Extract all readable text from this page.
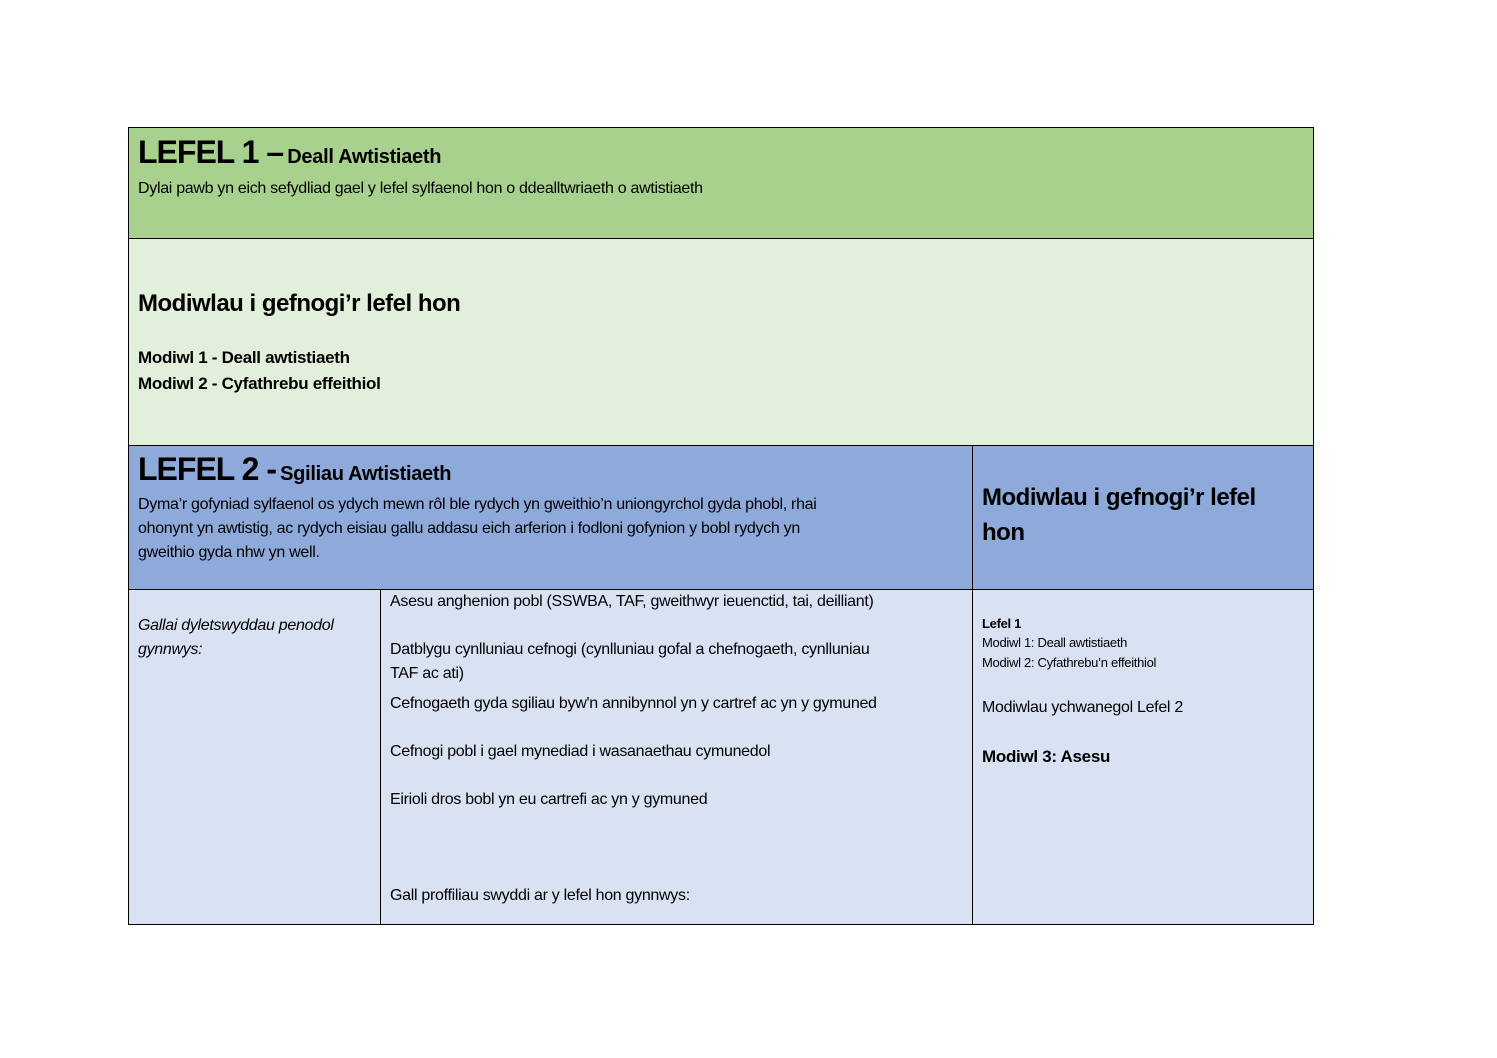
LEFEL 1 – Deall Awtistiaeth
Dylai pawb yn eich sefydliad gael y lefel sylfaenol hon o ddealltwriaeth o awtistiaeth
Modiwlau i gefnogi’r lefel hon
Modiwl 1 - Deall awtistiaeth
Modiwl 2 - Cyfathrebu effeithiol
LEFEL 2 - Sgiliau Awtistiaeth
Dyma’r gofyniad sylfaenol os ydych mewn rôl ble rydych yn gweithio’n uniongyrchol gyda phobl, rhai
ohonynt yn awtistig, ac rydych eisiau gallu addasu eich arferion i fodloni gofynion y bobl rydych yn
gweithio gyda nhw yn well.
Modiwlau i gefnogi’r lefel
hon
Gallai dyletswyddau penodol
gynnwys:
Asesu anghenion pobl (SSWBA, TAF, gweithwyr ieuenctid, tai, deilliant)
Datblygu cynlluniau cefnogi (cynlluniau gofal a chefnogaeth, cynlluniau
TAF ac ati)
Cefnogaeth gyda sgiliau byw'n annibynnol yn y cartref ac yn y gymuned
Cefnogi pobl i gael mynediad i wasanaethau cymunedol
Eirioli dros bobl yn eu cartrefi ac yn y gymuned
Gall proffiliau swyddi ar y lefel hon gynnwys:
Lefel 1
Modiwl 1: Deall awtistiaeth
Modiwl 2: Cyfathrebu’n effeithiol
Modiwlau ychwanegol Lefel 2
Modiwl 3: Asesu
